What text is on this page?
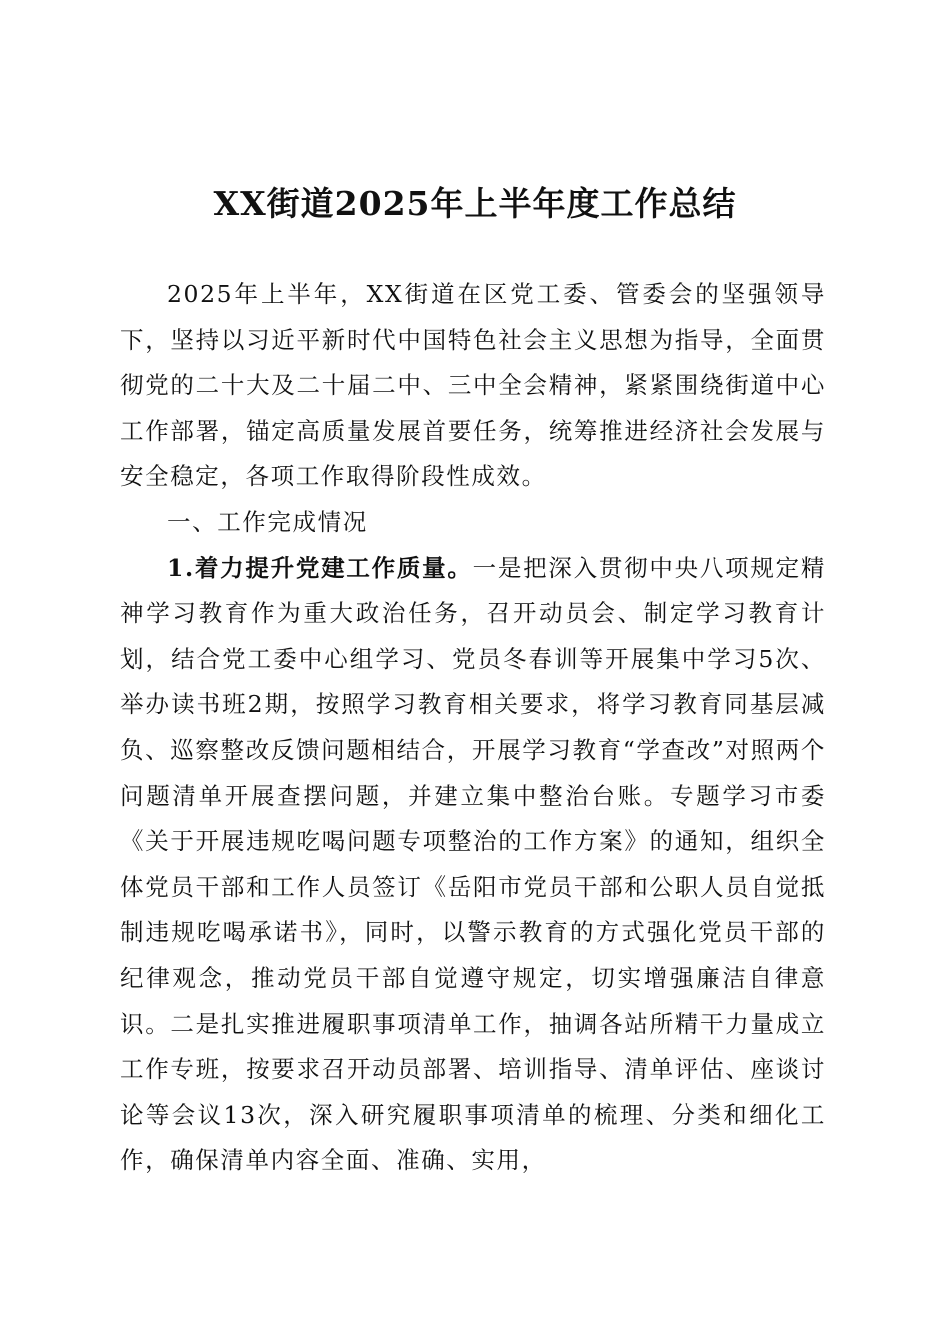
XX街道2025年上半年度工作总结

2025年上半年，XX街道在区党工委、管委会的坚强领导下，坚持以习近平新时代中国特色社会主义思想为指导，全面贯彻党的二十大及二十届二中、三中全会精神，紧紧围绕街道中心工作部署，锚定高质量发展首要任务，统筹推进经济社会发展与安全稳定，各项工作取得阶段性成效。

一、工作完成情况

1.着力提升党建工作质量。一是把深入贯彻中央八项规定精神学习教育作为重大政治任务，召开动员会、制定学习教育计划，结合党工委中心组学习、党员冬春训等开展集中学习5次、举办读书班2期，按照学习教育相关要求，将学习教育同基层减负、巡察整改反馈问题相结合，开展学习教育“学查改”对照两个问题清单开展查摆问题，并建立集中整治台账。专题学习市委《关于开展违规吃喝问题专项整治的工作方案》的通知，组织全体党员干部和工作人员签订《岳阳市党员干部和公职人员自觉抵制违规吃喝承诺书》，同时，以警示教育的方式强化党员干部的纪律观念，推动党员干部自觉遵守规定，切实增强廉洁自律意识。二是扎实推进履职事项清单工作，抽调各站所精干力量成立工作专班，按要求召开动员部署、培训指导、清单评估、座谈讨论等会议13次，深入研究履职事项清单的梳理、分类和细化工作，确保清单内容全面、准确、实用，
